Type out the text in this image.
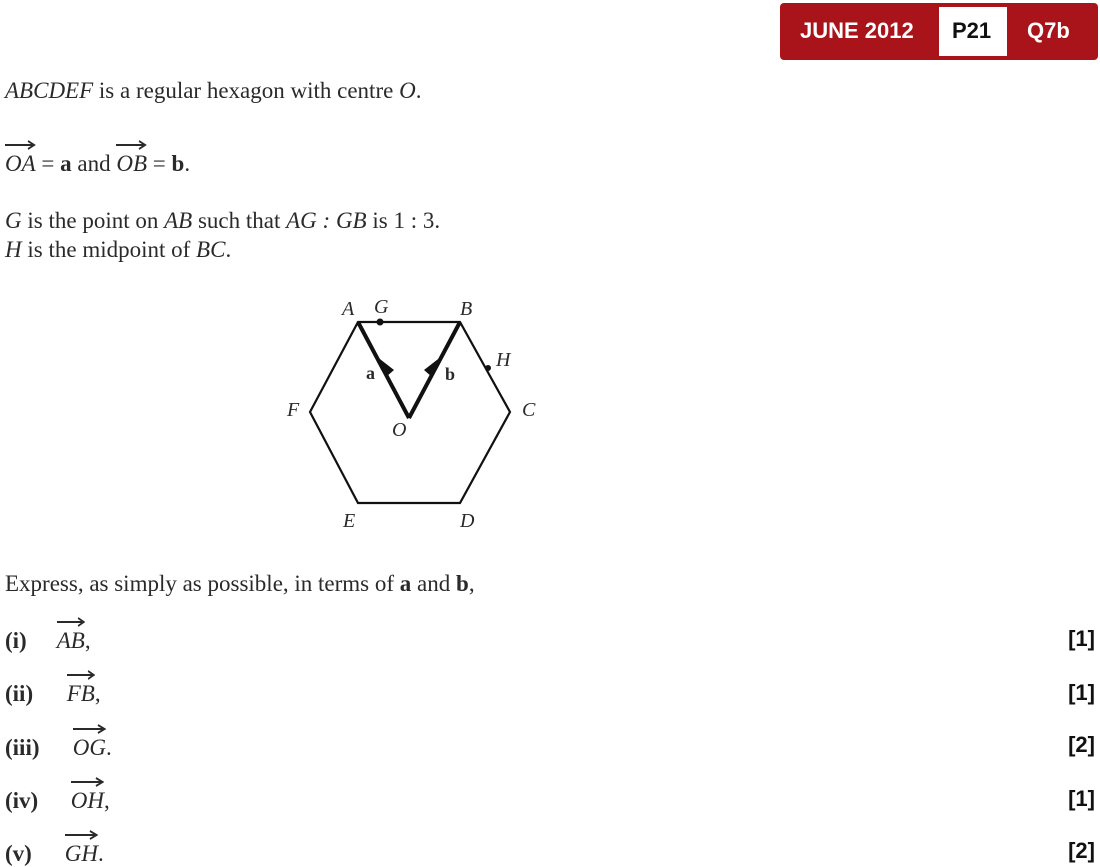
JUNE 2012 P21 Q7b
ABCDEF is a regular hexagon with centre O.
OA = a and OB = b.
G is the point on AB such that AG : GB is 1 : 3.
H is the midpoint of BC.
A G	B
H
C
D
E
F
O
a	b
Express, as simply as possible, in terms of a and b,
(i) AB,	[1]
(ii) FB,	[1]
(iii) OG.	[2]
(iv) OH,	[1]
(v) GH.	[2]
